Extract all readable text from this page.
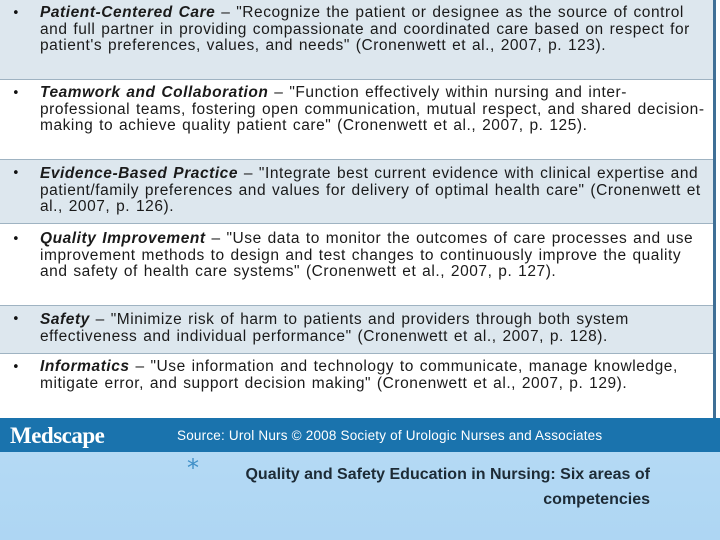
• Patient-Centered Care – "Recognize the patient or designee as the source of control and full partner in providing compassionate and coordinated care based on respect for patient's preferences, values, and needs" (Cronenwett et al., 2007, p. 123).
• Teamwork and Collaboration – "Function effectively within nursing and inter-professional teams, fostering open communication, mutual respect, and shared decision-making to achieve quality patient care" (Cronenwett et al., 2007, p. 125).
• Evidence-Based Practice – "Integrate best current evidence with clinical expertise and patient/family preferences and values for delivery of optimal health care" (Cronenwett et al., 2007, p. 126).
• Quality Improvement – "Use data to monitor the outcomes of care processes and use improvement methods to design and test changes to continuously improve the quality and safety of health care systems" (Cronenwett et al., 2007, p. 127).
• Safety – "Minimize risk of harm to patients and providers through both system effectiveness and individual performance" (Cronenwett et al., 2007, p. 128).
• Informatics – "Use information and technology to communicate, manage knowledge, mitigate error, and support decision making" (Cronenwett et al., 2007, p. 129).
Medscape	Source: Urol Nurs © 2008 Society of Urologic Nurses and Associates
*	Quality and Safety Education in Nursing: Six areas of competencies
